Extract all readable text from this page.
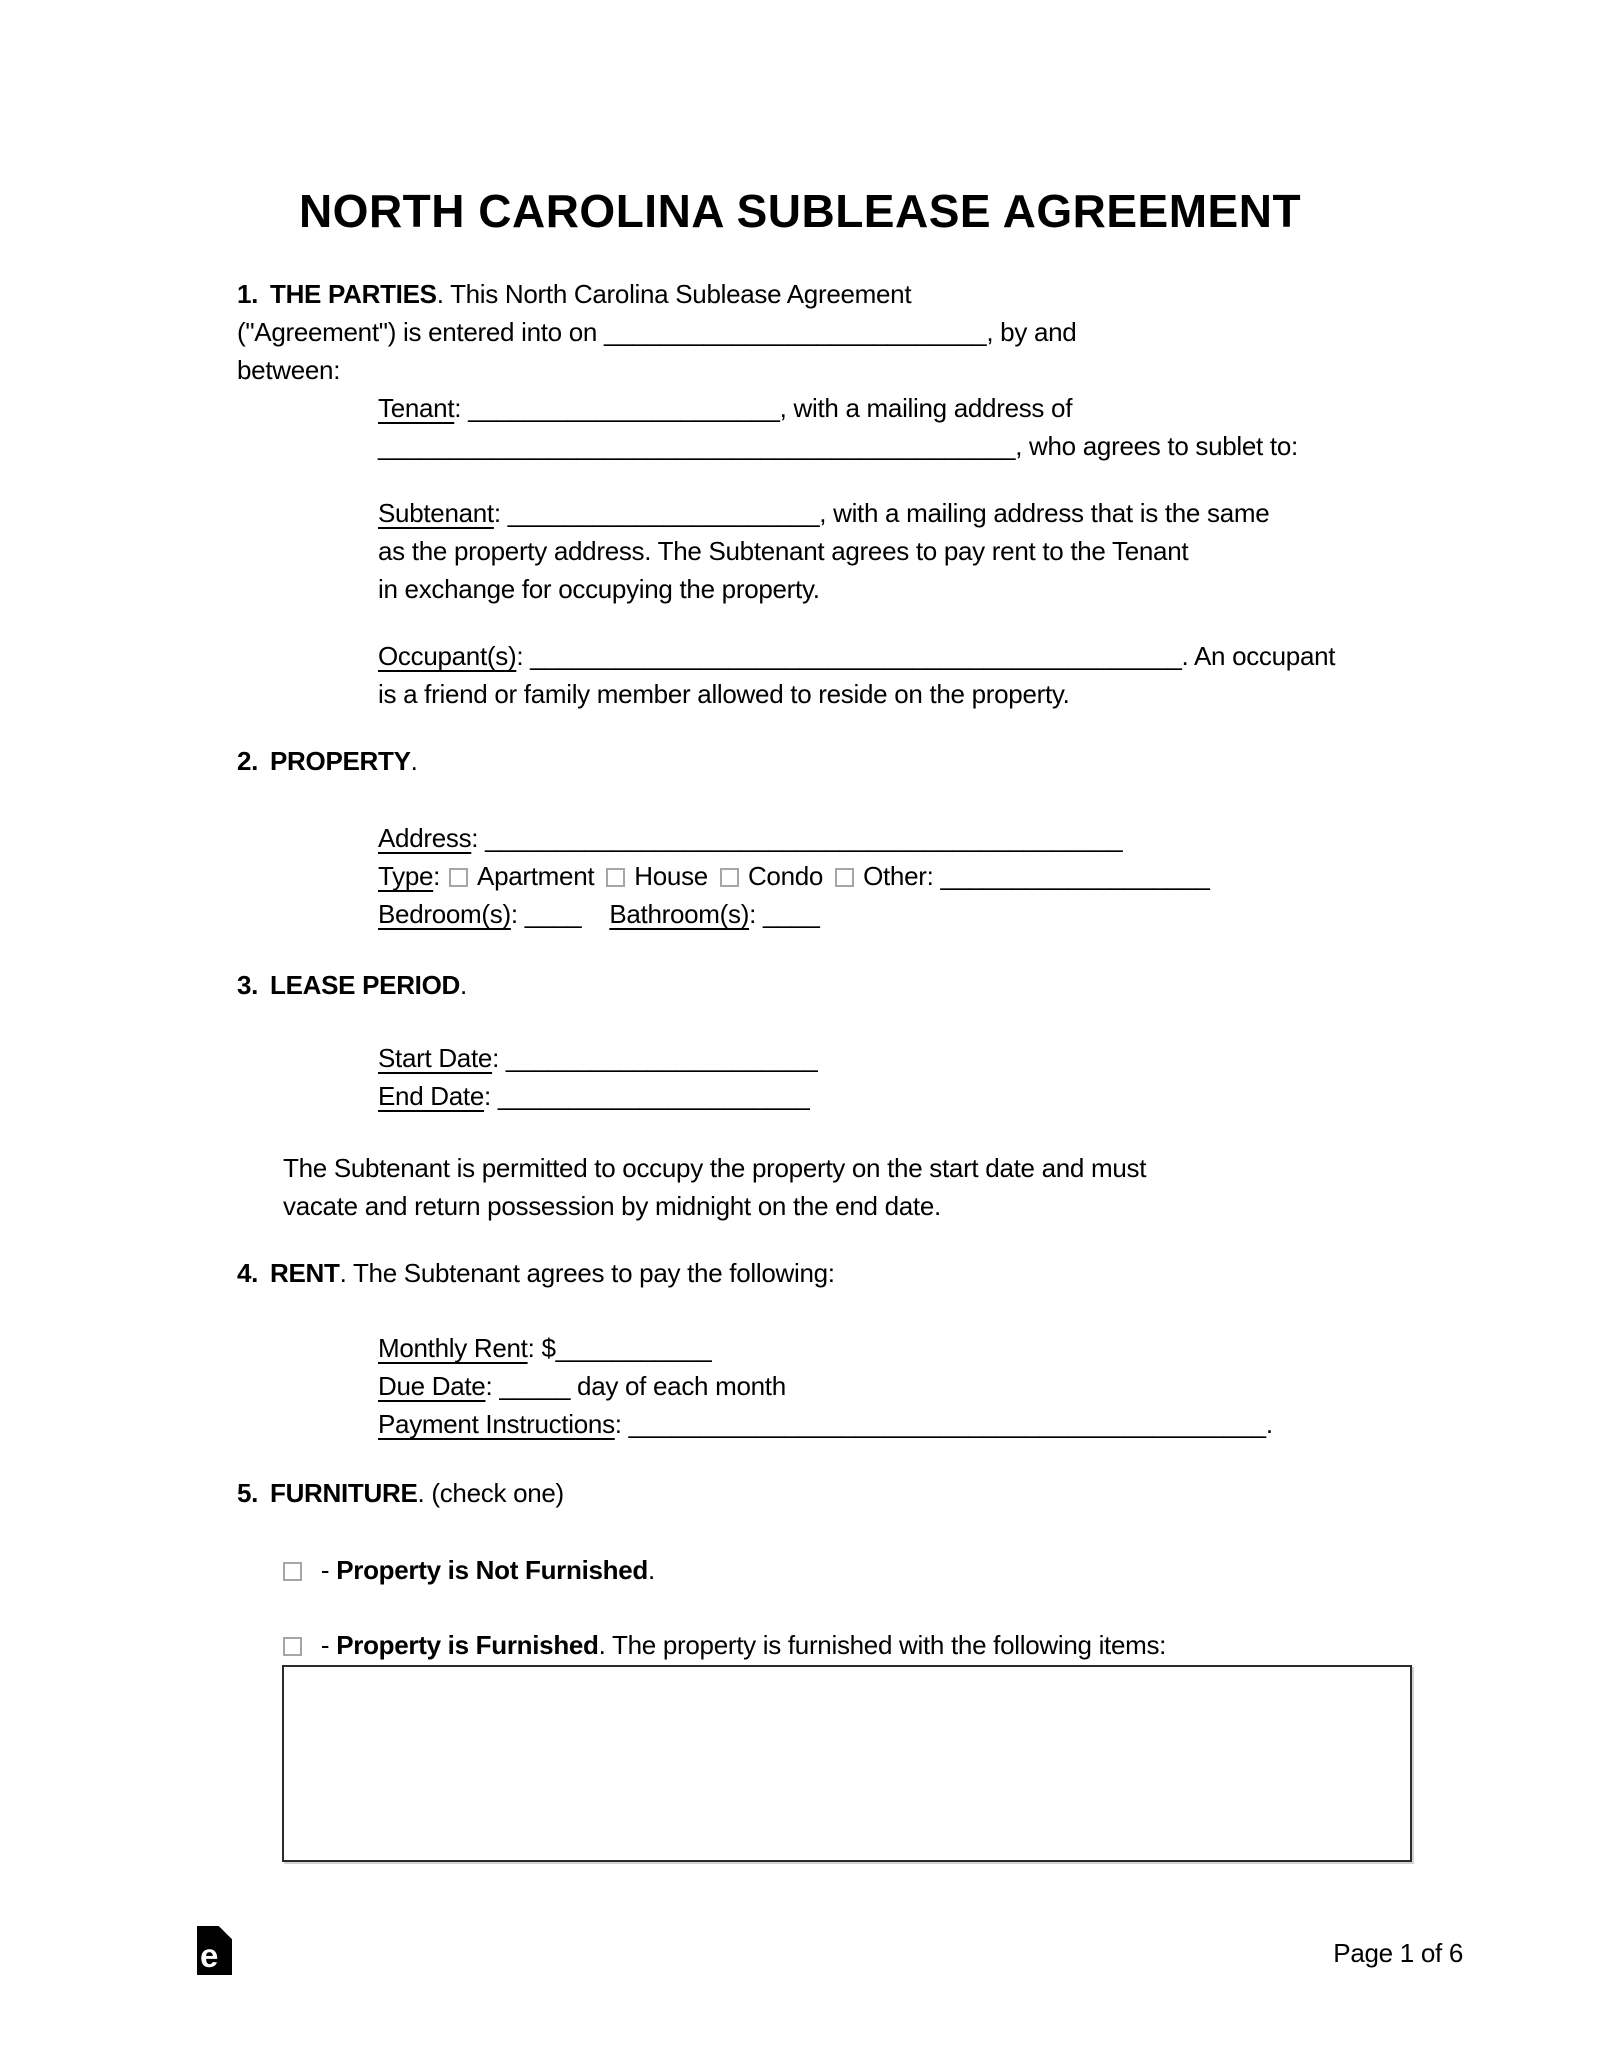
NORTH CAROLINA SUBLEASE AGREEMENT
1. THE PARTIES. This North Carolina Sublease Agreement
("Agreement") is entered into on ___________________________, by and
between:
Tenant: ______________________, with a mailing address of
_____________________________________________, who agrees to sublet to:
Subtenant: ______________________, with a mailing address that is the same
as the property address. The Subtenant agrees to pay rent to the Tenant
in exchange for occupying the property.
Occupant(s): ______________________________________________. An occupant
is a friend or family member allowed to reside on the property.
2. PROPERTY.
Address: _____________________________________________
Type: Apartment House Condo Other: ___________________
Bedroom(s): ____ Bathroom(s): ____
3. LEASE PERIOD.
Start Date: ______________________
End Date: ______________________
The Subtenant is permitted to occupy the property on the start date and must
vacate and return possession by midnight on the end date.
4. RENT. The Subtenant agrees to pay the following:
Monthly Rent: $___________
Due Date: _____ day of each month
Payment Instructions: _____________________________________________.
5. FURNITURE. (check one)
- Property is Not Furnished.
- Property is Furnished. The property is furnished with the following items:
e	Page 1 of 6
